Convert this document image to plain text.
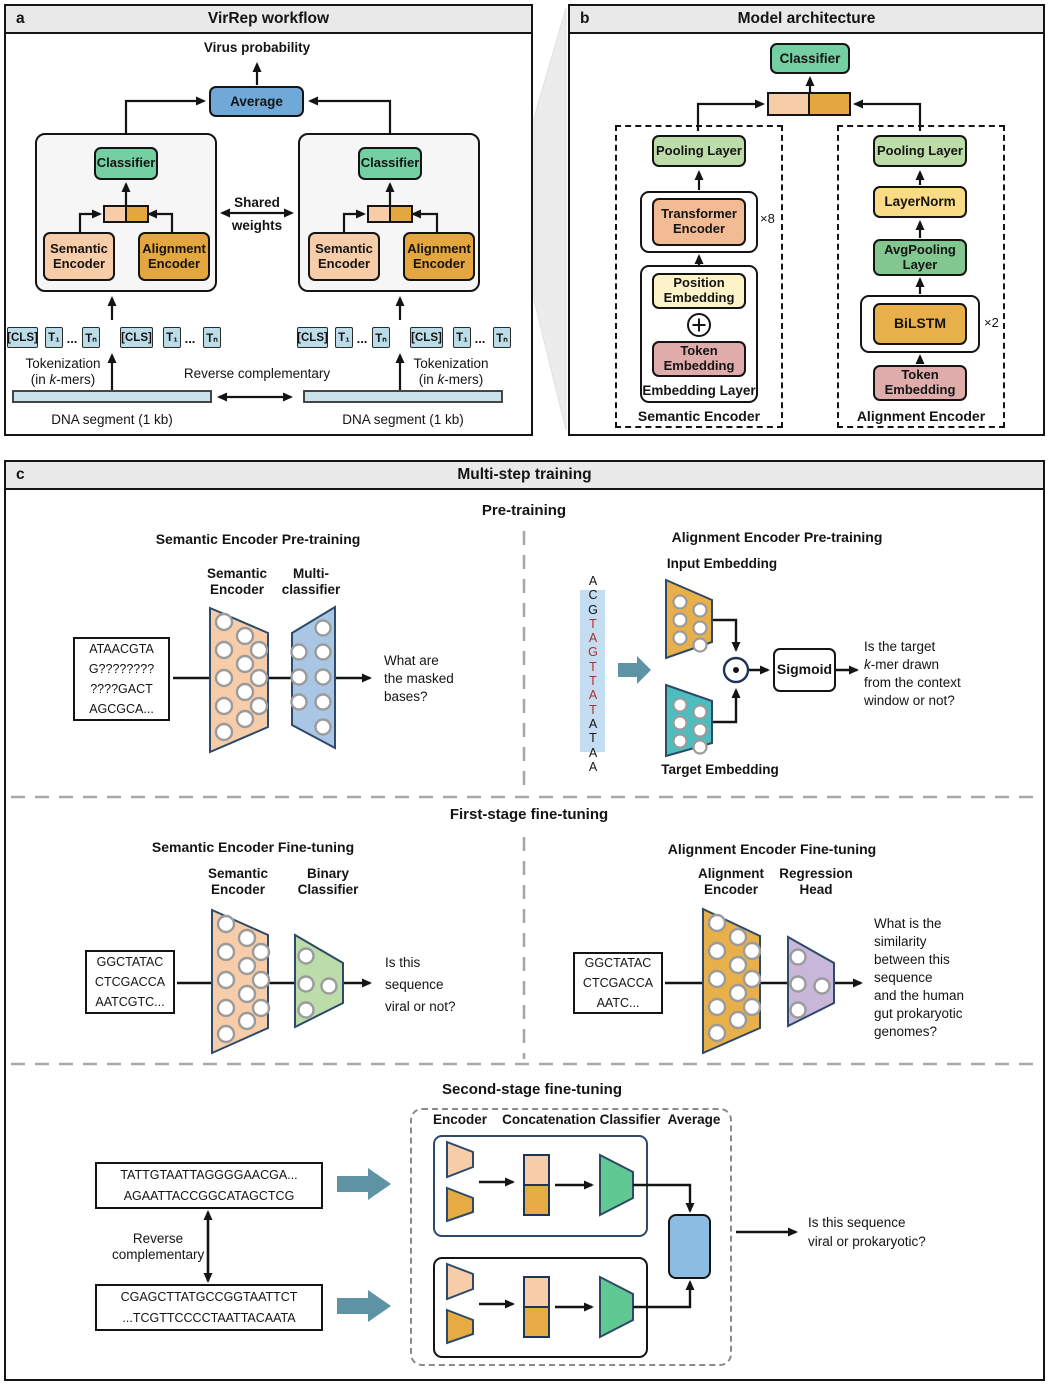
a	VirRep workflow	b	Model architecture
c	Multi-step training
Virus probability
Average
Classifier	Classifier
Shared
weights
Semantic
Encoder
Alignment
Encoder
Semantic
Encoder
Alignment
Encoder
[CLS] T₁ ... Tₙ [CLS] T₁ ... Tₙ	[CLS] T₁ ... Tₙ [CLS] T₁ ... Tₙ
Tokenization
(in k-mers)
Tokenization
(in k-mers)
Reverse complementary
DNA segment (1 kb)	DNA segment (1 kb)
Classifier
Pooling Layer
Transformer
Encoder
×8
Position
Embedding
Token
Embedding
Embedding Layer
Semantic Encoder
LayerNorm
Pooling Layer
AvgPooling
Layer
BiLSTM	×2
Token
Embedding
Alignment Encoder
Pre-training
Semantic Encoder Pre-training
Semantic
Encoder
Multi-
classifier
ATAACGTA
G????????
????GACT
AGCGCA...
What are
the masked
bases?
Alignment Encoder Pre-training
Input Embedding
A
C
G
T
A
G
T
T
A
T
A
T
A
A	Target Embedding
Sigmoid
Is the target
k-mer drawn
from the context
window or not?
First-stage fine-tuning
Semantic Encoder Fine-tuning
Semantic
Encoder
Binary
Classifier
GGCTATAC
CTCGACCA
AATCGTC...
Is this
sequence
viral or not?
Alignment Encoder Fine-tuning
Alignment
Encoder
Regression
Head
GGCTATAC
CTCGACCA
AATC...
What is the
similarity
between this
sequence
and the human
gut prokaryotic
genomes?
Second-stage fine-tuning
Encoder	Concatenation Classifier Average
TATTGTAATTAGGGGAACGA...
AGAATTACCGGCATAGCTCG
Reverse
complementary
CGAGCTTATGCCGGTAATTCT
...TCGTTCCCCTAATTACAATA
Is this sequence
viral or prokaryotic?
